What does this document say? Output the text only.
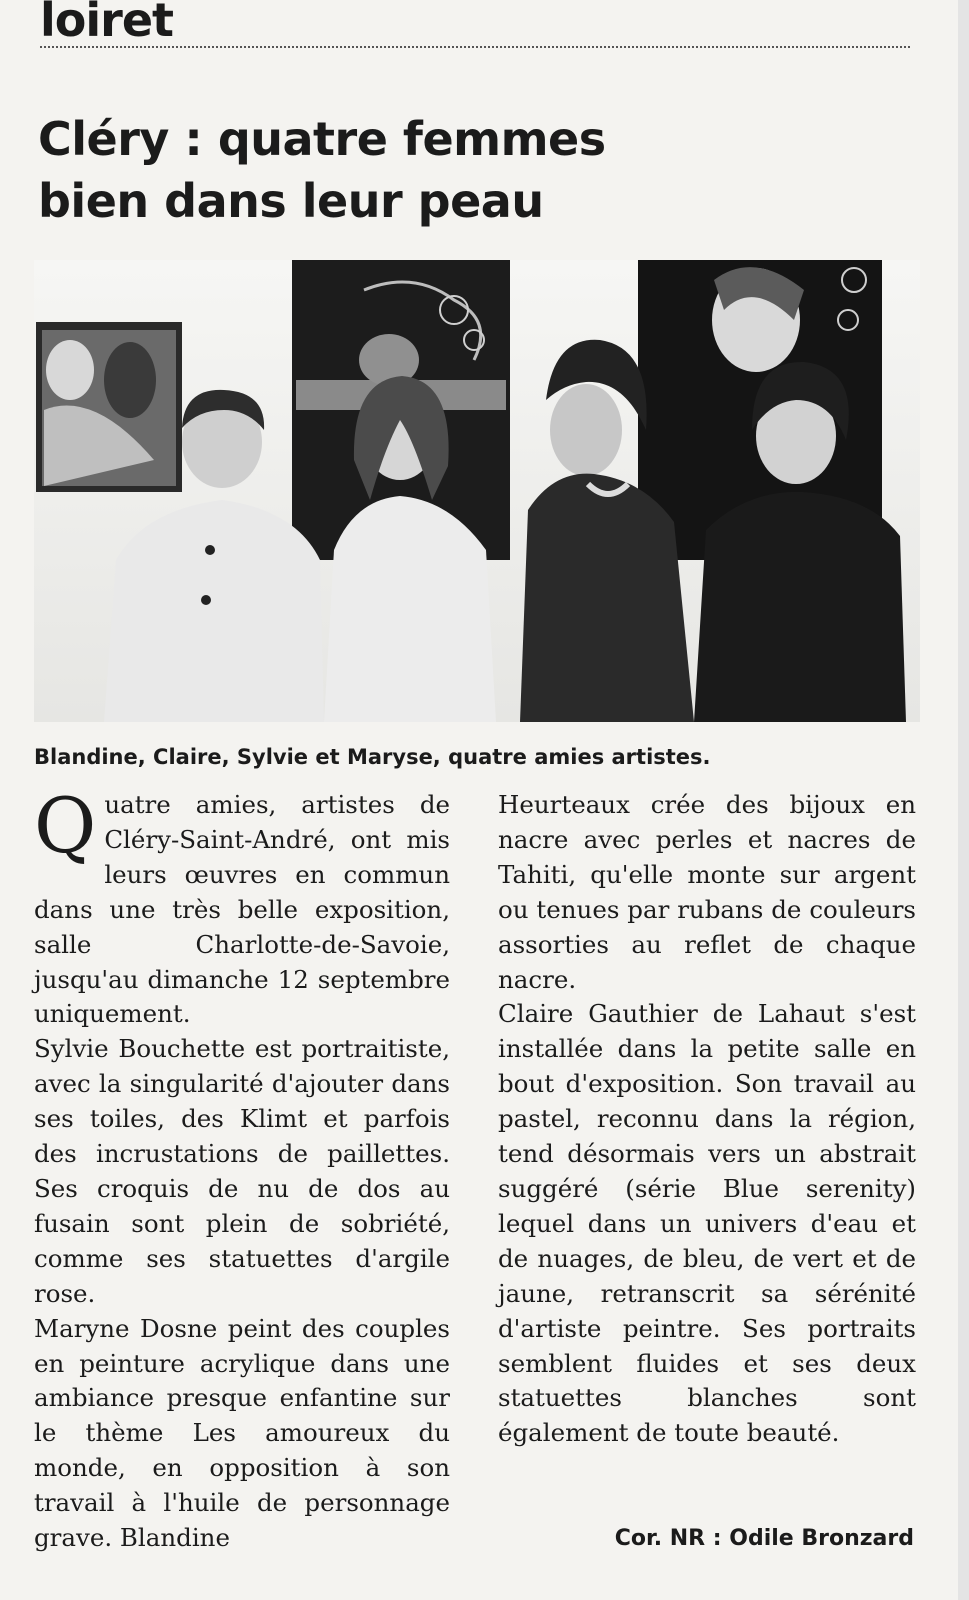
loiret
Cléry : quatre femmes
bien dans leur peau

Blandine, Claire, Sylvie et Maryse, quatre amies artistes.

Quatre amies, artistes de Cléry-Saint-André, ont mis leurs œuvres en commun dans une très belle exposition, salle Charlotte-de-Savoie, jusqu'au dimanche 12 septembre uniquement.

Sylvie Bouchette est portraitiste, avec la singularité d'ajouter dans ses toiles, des Klimt et parfois des incrustations de paillettes. Ses croquis de nu de dos au fusain sont plein de sobriété, comme ses statuettes d'argile rose.

Maryne Dosne peint des couples en peinture acrylique dans une ambiance presque enfantine sur le thème Les amoureux du monde, en opposition à son travail à l'huile de personnage grave. Blandine

Heurteaux crée des bijoux en nacre avec perles et nacres de Tahiti, qu'elle monte sur argent ou tenues par rubans de couleurs assorties au reflet de chaque nacre.

Claire Gauthier de Lahaut s'est installée dans la petite salle en bout d'exposition. Son travail au pastel, reconnu dans la région, tend désormais vers un abstrait suggéré (série Blue serenity) lequel dans un univers d'eau et de nuages, de bleu, de vert et de jaune, retranscrit sa sérénité d'artiste peintre. Ses portraits semblent fluides et ses deux statuettes blanches sont également de toute beauté.

Cor. NR : Odile Bronzard
